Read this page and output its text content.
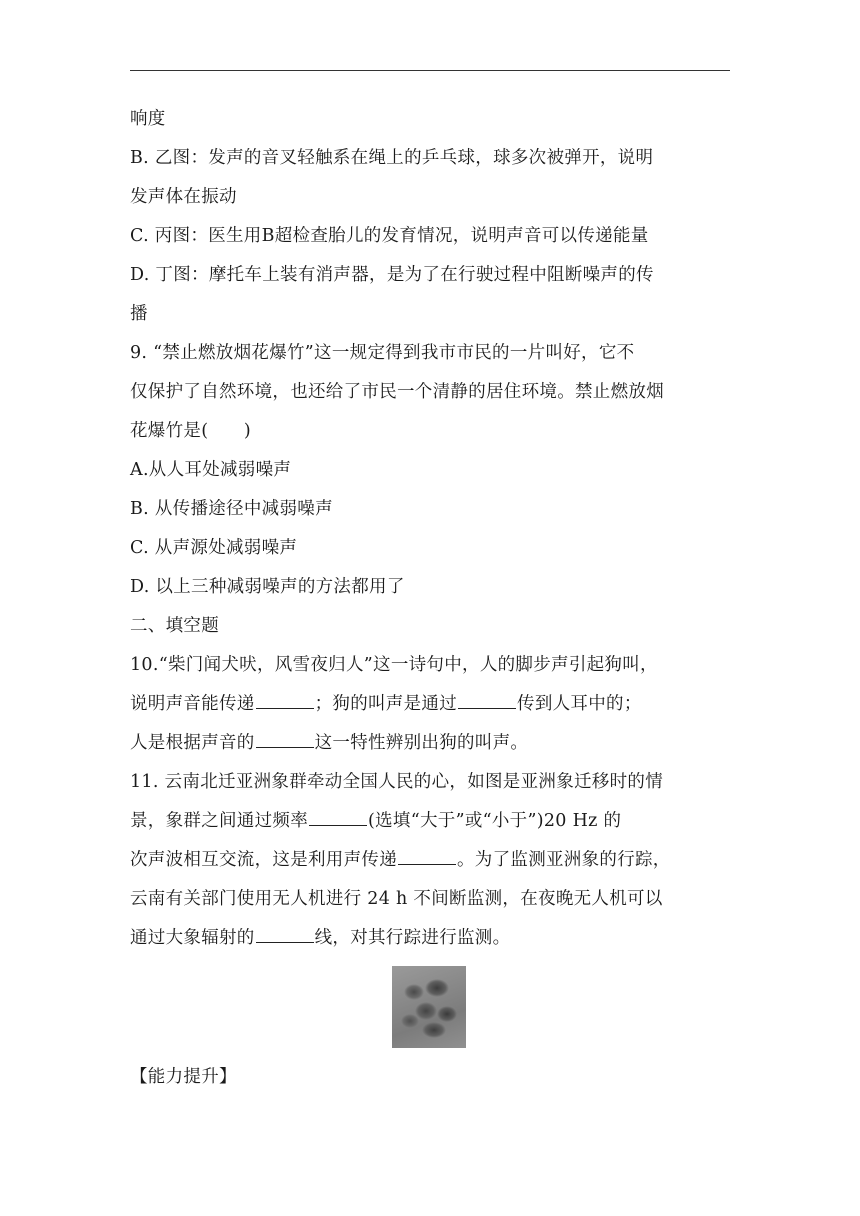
响度
B. 乙图：发声的音叉轻触系在绳上的乒乓球，球多次被弹开，说明
发声体在振动
C. 丙图：医生用B超检查胎儿的发育情况，说明声音可以传递能量
D. 丁图：摩托车上装有消声器，是为了在行驶过程中阻断噪声的传
播
9. “禁止燃放烟花爆竹”这一规定得到我市市民的一片叫好，它不
仅保护了自然环境，也还给了市民一个清静的居住环境。禁止燃放烟
花爆竹是(　　)
A.从人耳处减弱噪声
B. 从传播途径中减弱噪声
C. 从声源处减弱噪声
D. 以上三种减弱噪声的方法都用了
二、填空题
10.“柴门闻犬吠，风雪夜归人”这一诗句中，人的脚步声引起狗叫，
说明声音能传递	；狗的叫声是通过	传到人耳中的；
人是根据声音的	这一特性辨别出狗的叫声。
11. 云南北迁亚洲象群牵动全国人民的心，如图是亚洲象迁移时的情
景，象群之间通过频率	(选填“大于”或“小于”)20 Hz 的
次声波相互交流，这是利用声传递	。为了监测亚洲象的行踪，
云南有关部门使用无人机进行 24 h 不间断监测，在夜晚无人机可以
通过大象辐射的	线，对其行踪进行监测。
【能力提升】
